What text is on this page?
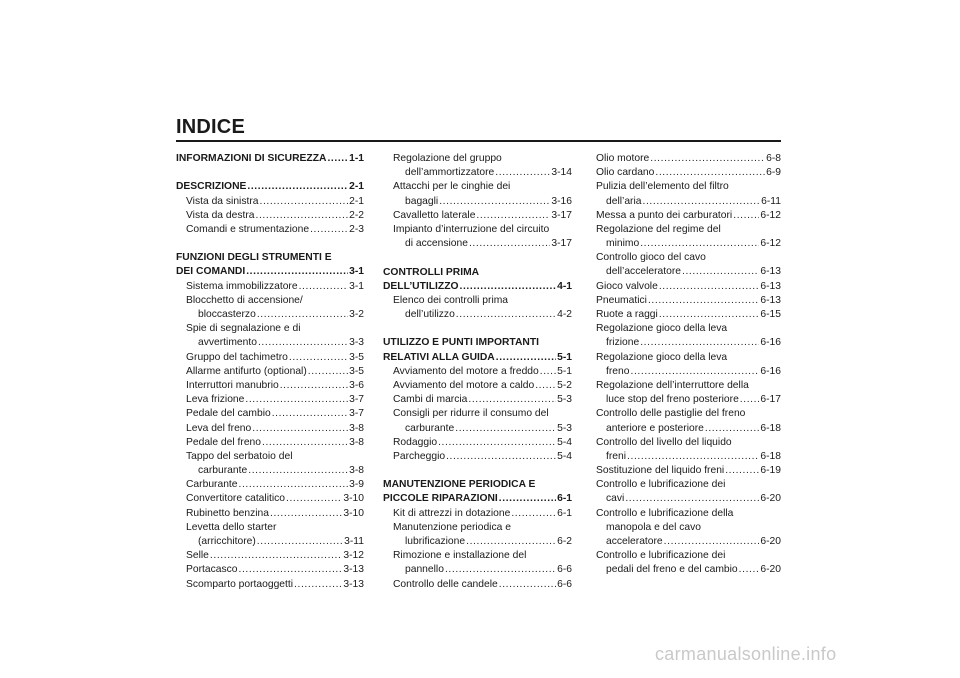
INDICE
INFORMAZIONI DI SICUREZZA ..... 1-1
DESCRIZIONE .....	2-1
Vista da sinistra .....	2-1
Vista da destra .....	2-2
Comandi e strumentazione .....	2-3
FUNZIONI DEGLI STRUMENTI E
DEI COMANDI .....	3-1
Sistema immobilizzatore .....	3-1
Blocchetto di accensione/
bloccasterzo .....	3-2
Spie di segnalazione e di
avvertimento .....	3-3
Gruppo del tachimetro .....	3-5
Allarme antifurto (optional) .....	3-5
Interruttori manubrio .....	3-6
Leva frizione .....	3-7
Pedale del cambio .....	3-7
Leva del freno .....	3-8
Pedale del freno .....	3-8
Tappo del serbatoio del
carburante .....	3-8
Carburante .....	3-9
Convertitore catalitico .....	3-10
Rubinetto benzina .....	3-10
Levetta dello starter
(arricchitore) .....	3-11
Selle .....	3-12
Portacasco .....	3-13
Scomparto portaoggetti .....	3-13
Regolazione del gruppo
dell’ammortizzatore .....	3-14
Attacchi per le cinghie dei
bagagli .....	3-16
Cavalletto laterale .....	3-17
Impianto d’interruzione del circuito
di accensione .....	3-17
CONTROLLI PRIMA
DELL’UTILIZZO .....	4-1
Elenco dei controlli prima
dell’utilizzo .....	4-2
UTILIZZO E PUNTI IMPORTANTI
RELATIVI ALLA GUIDA .....	5-1
Avviamento del motore a freddo ..... 5-1
Avviamento del motore a caldo ..... 5-2
Cambi di marcia .....	5-3
Consigli per ridurre il consumo del
carburante .....	5-3
Rodaggio .....	5-4
Parcheggio .....	5-4
MANUTENZIONE PERIODICA E
PICCOLE RIPARAZIONI .....	6-1
Kit di attrezzi in dotazione .....	6-1
Manutenzione periodica e
lubrificazione .....	6-2
Rimozione e installazione del
pannello .....	6-6
Controllo delle candele .....	6-6
Olio motore .....	6-8
Olio cardano .....	6-9
Pulizia dell’elemento del filtro
dell’aria .....	6-11
Messa a punto dei carburatori .....	6-12
Regolazione del regime del
minimo .....	6-12
Controllo gioco del cavo
dell’acceleratore .....	6-13
Gioco valvole .....	6-13
Pneumatici .....	6-13
Ruote a raggi .....	6-15
Regolazione gioco della leva
frizione .....	6-16
Regolazione gioco della leva
freno .....	6-16
Regolazione dell’interruttore della
luce stop del freno posteriore ..... 6-17
Controllo delle pastiglie del freno
anteriore e posteriore .....	6-18
Controllo del livello del liquido
freni .....	6-18
Sostituzione del liquido freni .....	6-19
Controllo e lubrificazione dei
cavi .....	6-20
Controllo e lubrificazione della
manopola e del cavo
acceleratore .....	6-20
Controllo e lubrificazione dei
pedali del freno e del cambio ..... 6-20
carmanualsonline.info
